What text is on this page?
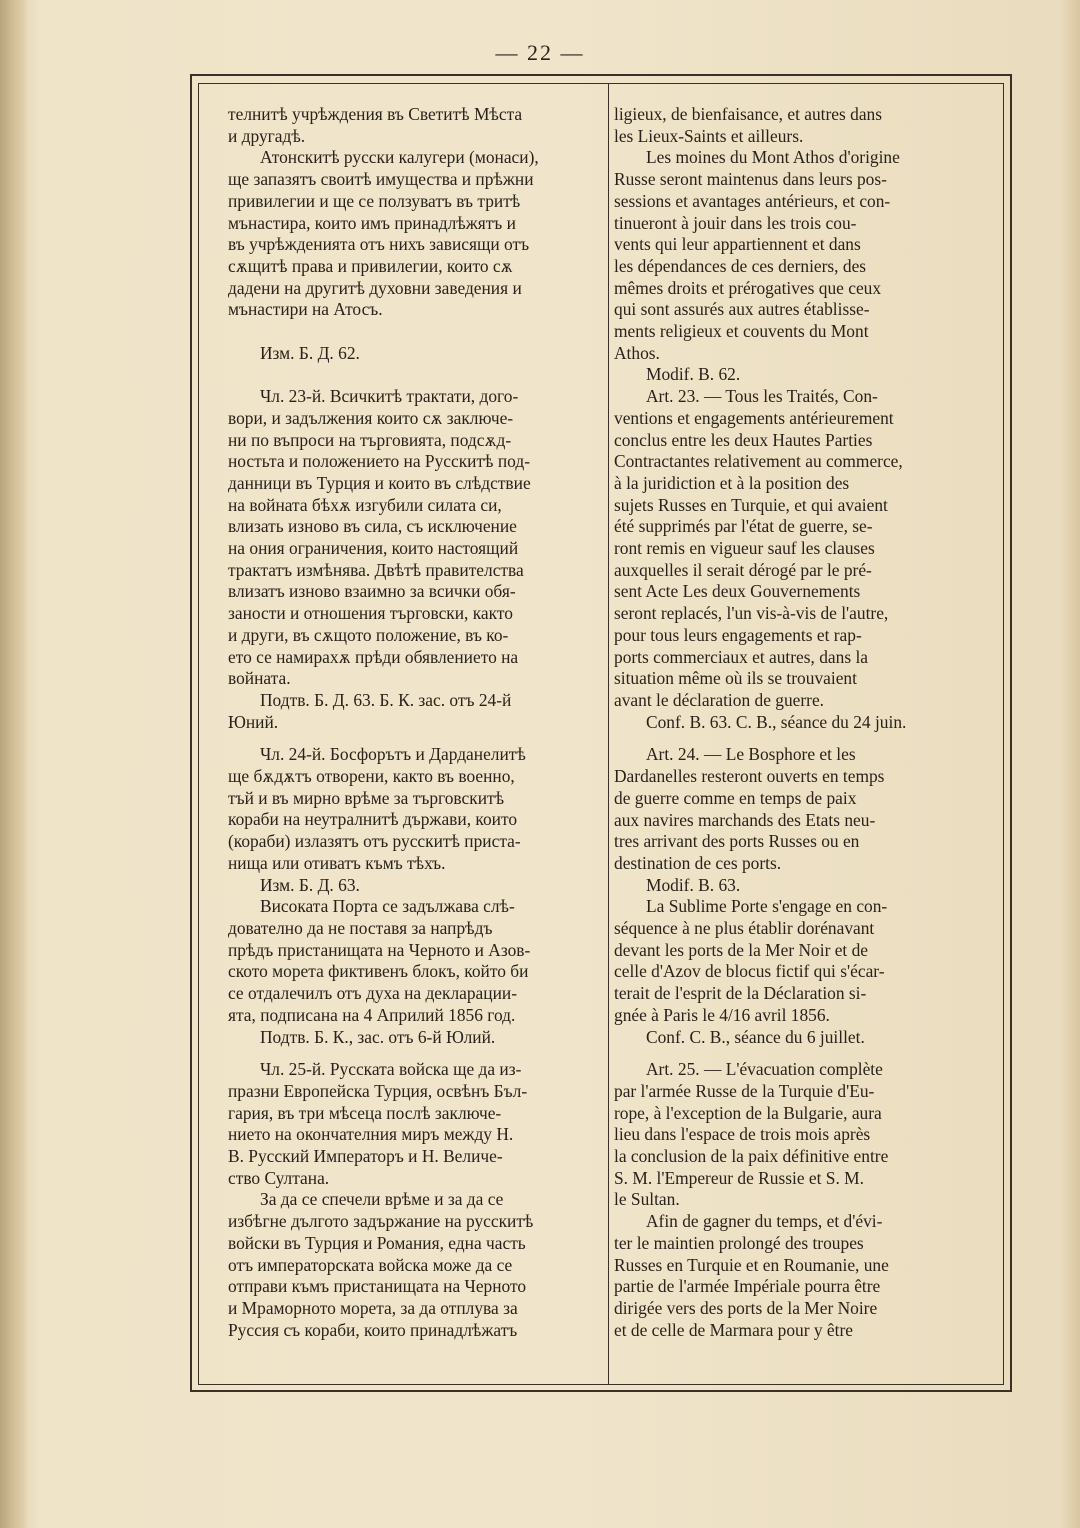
— 22 —
телнитѣ учрѣждения въ Светитѣ Мѣста
и другадѣ.
Атонскитѣ русски калугери (монаси),
ще запазятъ своитѣ имущества и прѣжни
привилегии и ще се ползуватъ въ тритѣ
мънастира, които имъ принадлѣжятъ и
въ учрѣжденията отъ нихъ зависящи отъ
сѫщитѣ права и привилегии, които сѫ
дадени на другитѣ духовни заведения и
мънастири на Атосъ.
Изм. Б. Д. 62.
Чл. 23-й. Всичкитѣ трактати, дого-
вори, и задължения които сѫ заключе-
ни по въпроси на търговията, подсѫд-
ностьта и положението на Русскитѣ под-
данници въ Турция и които въ слѣдствие
на войната бѣхѫ изгубили силата си,
влизать изново въ сила, съ исключение
на ония ограничения, които настоящий
трактатъ измѣнява. Двѣтѣ правителства
влизатъ изново взаимно за всички обя-
заности и отношения търговски, както
и други, въ сѫщото положение, въ ко-
ето се намирахѫ прѣди обявлението на
войната.
Подтв. Б. Д. 63. Б. К. зас. отъ 24-й
Юний.
Чл. 24-й. Босфорътъ и Дарданелитѣ
ще бѫдѫтъ отворени, както въ военно,
тъй и въ мирно врѣме за търговскитѣ
кораби на неутралнитѣ държави, които
(кораби) излазятъ отъ русскитѣ приста-
нища или отиватъ къмъ тѣхъ.
Изм. Б. Д. 63.
Високата Порта се задължава слѣ-
дователно да не поставя за напрѣдъ
прѣдъ пристанищата на Черното и Азов-
ското морета фиктивенъ блокъ, който би
се отдалечилъ отъ духа на декларации-
ята, подписана на 4 Априлий 1856 год.
Подтв. Б. К., зас. отъ 6-й Юлий.
Чл. 25-й. Русската войска ще да из-
празни Европейска Турция, освѣнъ Бъл-
гария, въ три мѣсеца послѣ заключе-
нието на окончателния миръ между Н.
В. Русский Императоръ и Н. Величе-
ство Султана.
За да се спечели врѣме и за да се
избѣгне дългото задържание на русскитѣ
войски въ Турция и Романия, една часть
отъ императорската войска може да се
отправи къмъ пристанищата на Черното
и Мраморното морета, за да отплува за
Руссия съ кораби, които принадлѣжатъ
ligieux, de bienfaisance, et autres dans
les Lieux-Saints et ailleurs.
Les moines du Mont Athos d'origine
Russe seront maintenus dans leurs pos-
sessions et avantages antérieurs, et con-
tinueront à jouir dans les trois cou-
vents qui leur appartiennent et dans
les dépendances de ces derniers, des
mêmes droits et prérogatives que ceux
qui sont assurés aux autres établisse-
ments religieux et couvents du Mont
Athos.
Modif. B. 62.
Art. 23. — Tous les Traités, Con-
ventions et engagements antérieurement
conclus entre les deux Hautes Parties
Contractantes relativement au commerce,
à la juridiction et à la position des
sujets Russes en Turquie, et qui avaient
été supprimés par l'état de guerre, se-
ront remis en vigueur sauf les clauses
auxquelles il serait dérogé par le pré-
sent Acte Les deux Gouvernements
seront replacés, l'un vis-à-vis de l'autre,
pour tous leurs engagements et rap-
ports commerciaux et autres, dans la
situation même où ils se trouvaient
avant le déclaration de guerre.
Conf. B. 63. C. B., séance du 24 juin.
Art. 24. — Le Bosphore et les
Dardanelles resteront ouverts en temps
de guerre comme en temps de paix
aux navires marchands des Etats neu-
tres arrivant des ports Russes ou en
destination de ces ports.
Modif. B. 63.
La Sublime Porte s'engage en con-
séquence à ne plus établir dorénavant
devant les ports de la Mer Noir et de
celle d'Azov de blocus fictif qui s'écar-
terait de l'esprit de la Déclaration si-
gnée à Paris le 4/16 avril 1856.
Conf. C. B., séance du 6 juillet.
Art. 25. — L'évacuation complète
par l'armée Russe de la Turquie d'Eu-
rope, à l'exception de la Bulgarie, aura
lieu dans l'espace de trois mois après
la conclusion de la paix définitive entre
S. M. l'Empereur de Russie et S. M.
le Sultan.
Afin de gagner du temps, et d'évi-
ter le maintien prolongé des troupes
Russes en Turquie et en Roumanie, une
partie de l'armée Impériale pourra être
dirigée vers des ports de la Mer Noire
et de celle de Marmara pour y être
